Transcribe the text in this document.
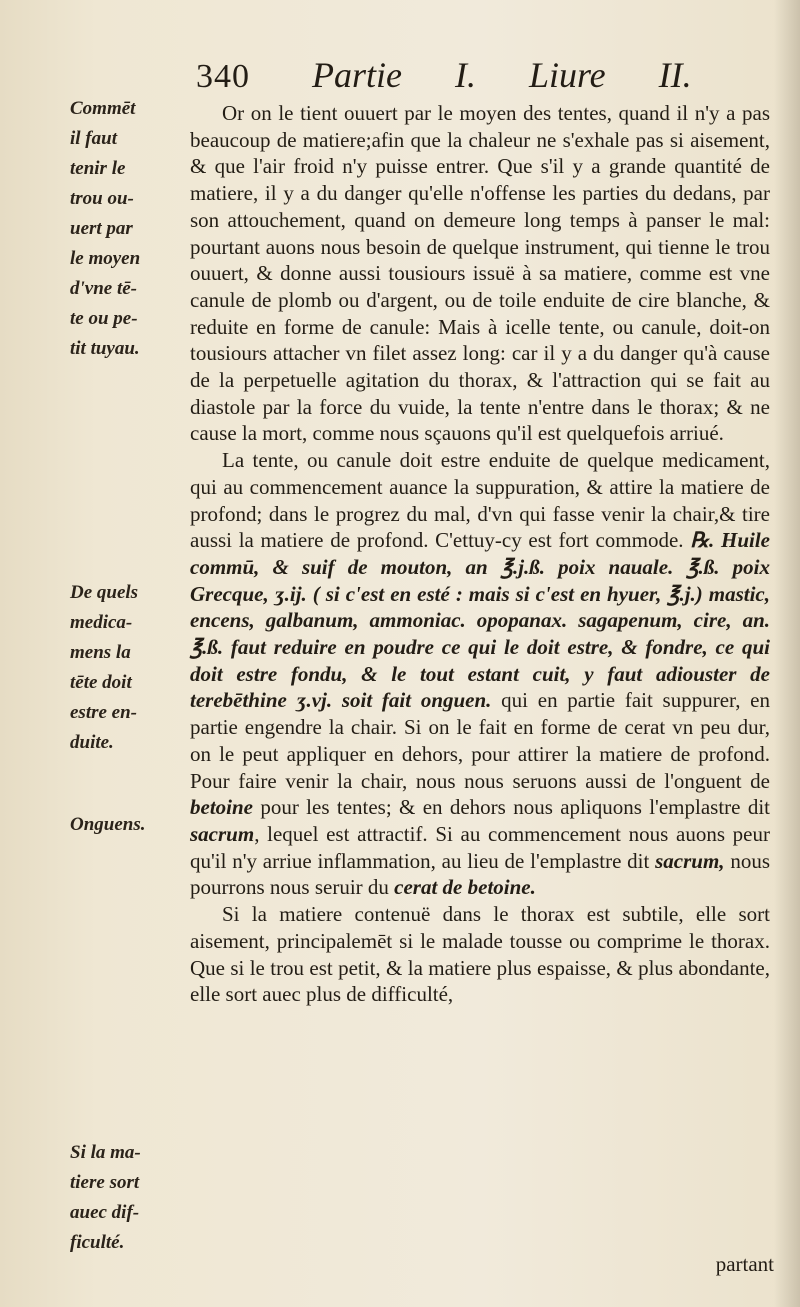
340 Partie I. Liure II.
Commēt
il faut
tenir le
trou ou-
uert par
le moyen
d'vne tē-
te ou pe-
tit tuyau.
De quels
medica-
mens la
tēte doit
estre en-
duite.
Onguens.
Si la ma-
tiere sort
auec dif-
ficulté.

Or on le tient ouuert par le moyen des tentes, quand il n'y a pas beaucoup de matiere;afin que la chaleur ne s'exhale pas si aisement, & que l'air froid n'y puisse entrer. Que s'il y a grande quantité de matiere, il y a du danger qu'elle n'offense les parties du dedans, par son attouchement, quand on demeure long temps à panser le mal: pourtant auons nous besoin de quelque instrument, qui tienne le trou ouuert, & donne aussi tousiours issuë à sa matiere, comme est vne canule de plomb ou d'argent, ou de toile enduite de cire blanche, & reduite en forme de canule: Mais à icelle tente, ou canule, doit-on tousiours attacher vn filet assez long: car il y a du danger qu'à cause de la perpetuelle agitation du thorax, & l'attraction qui se fait au diastole par la force du vuide, la tente n'entre dans le thorax; & ne cause la mort, comme nous sçauons qu'il est quelquefois arriué.

La tente, ou canule doit estre enduite de quelque medicament, qui au commencement auance la suppuration, & attire la matiere de profond; dans le progrez du mal, d'vn qui fasse venir la chair,& tire aussi la matiere de profond. C'ettuy-cy est fort commode. ℞. Huile commū, & suif de mouton, an ℥.j.ß. poix nauale. ℥.ß. poix Grecque, ʒ.ij. ( si c'est en esté : mais si c'est en hyuer, ℥.j.) mastic, encens, galbanum, ammoniac. opopanax. sagapenum, cire, an. ℥.ß. faut reduire en poudre ce qui le doit estre, & fondre, ce qui doit estre fondu, & le tout estant cuit, y faut adiouster de terebēthine ʒ.vj. soit fait onguen. qui en partie fait suppurer, en partie engendre la chair. Si on le fait en forme de cerat vn peu dur, on le peut appliquer en dehors, pour attirer la matiere de profond. Pour faire venir la chair, nous nous seruons aussi de l'onguent de betoine pour les tentes; & en dehors nous apliquons l'emplastre dit sacrum, lequel est attractif. Si au commencement nous auons peur qu'il n'y arriue inflammation, au lieu de l'emplastre dit sacrum, nous pourrons nous seruir du cerat de betoine.

Si la matiere contenuë dans le thorax est subtile, elle sort aisement, principalemēt si le malade tousse ou comprime le thorax. Que si le trou est petit, & la matiere plus espaisse, & plus abondante, elle sort auec plus de difficulté,

partant
